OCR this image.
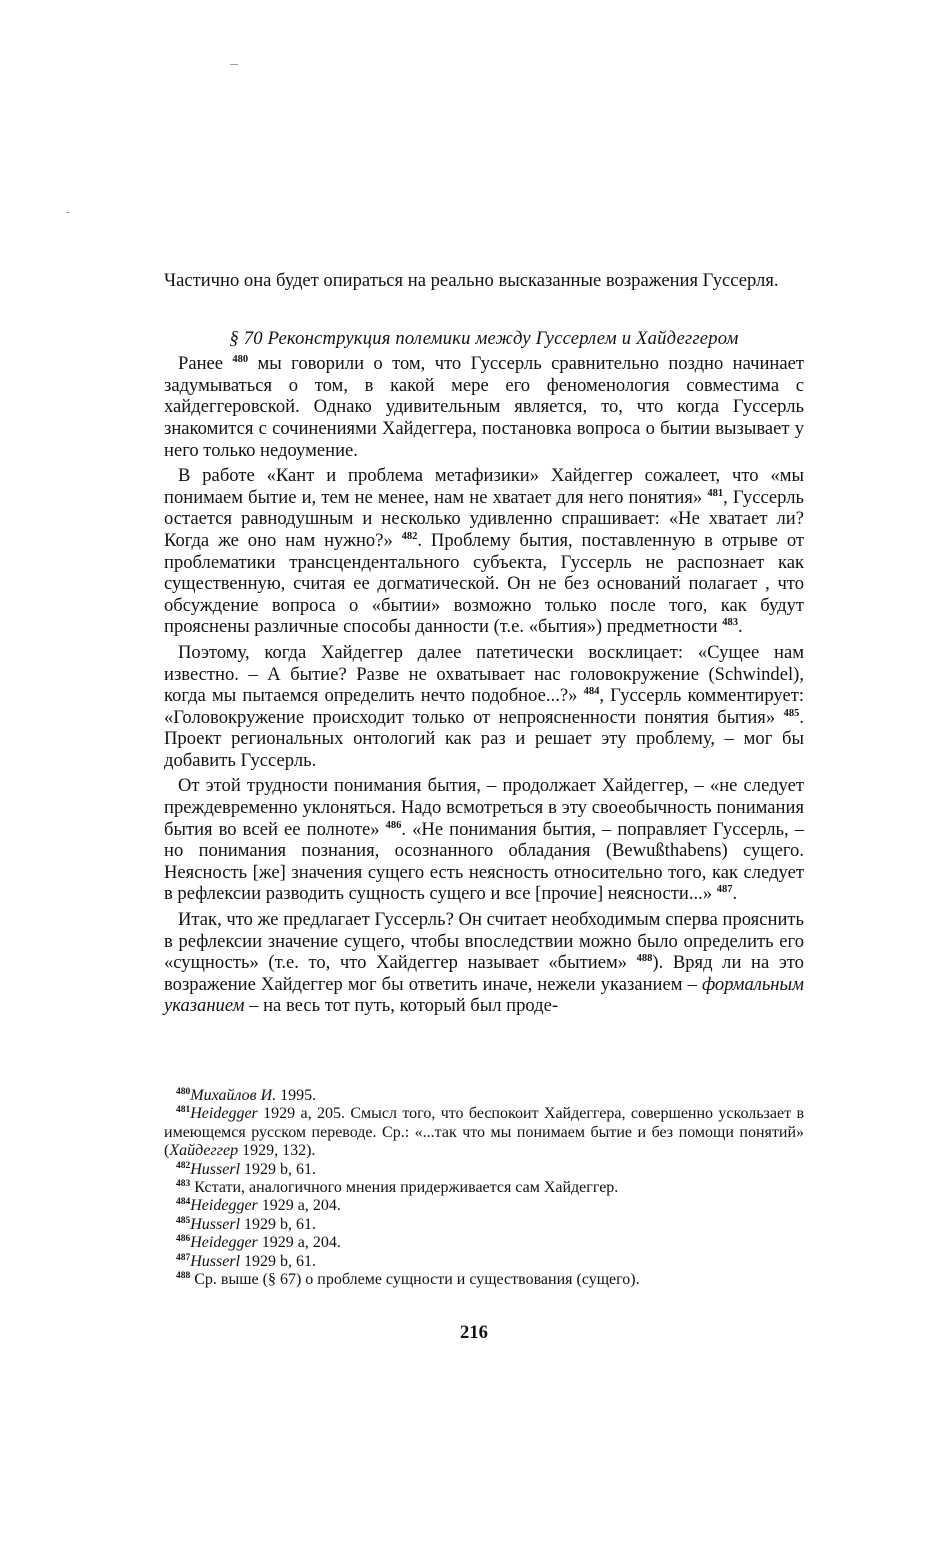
Частично она будет опираться на реально высказанные возражения Гуссерля.

§ 70 Реконструкция полемики между Гуссерлем и Хайдеггером

Ранее $^{480}$ мы говорили о том, что Гуссерль сравнительно поздно начинает задумываться о том, в какой мере его феноменология совместима с хайдеггеровской. Однако удивительным является, то, что когда Гуссерль знакомится с сочинениями Хайдеггера, постановка вопроса о бытии вызывает у него только недоумение.

В работе «Кант и проблема метафизики» Хайдеггер сожалеет, что «мы понимаем бытие и, тем не менее, нам не хватает для него понятия» $^{481}$, Гуссерль остается равнодушным и несколько удивленно спрашивает: «Не хватает ли? Когда же оно нам нужно?» $^{482}$. Проблему бытия, поставленную в отрыве от проблематики трансцендентального субъекта, Гуссерль не распознает как существенную, считая ее догматической. Он не без оснований полагает , что обсуждение вопроса о «бытии» возможно только после того, как будут прояснены различные способы данности (т.е. «бытия») предметности $^{483}$.

Поэтому, когда Хайдеггер далее патетически восклицает: «Сущее нам известно. – А бытие? Разве не охватывает нас головокружение (Schwindel), когда мы пытаемся определить нечто подобное...?» $^{484}$, Гуссерль комментирует: «Головокружение происходит только от непроясненности понятия бытия» $^{485}$. Проект региональных онтологий как раз и решает эту проблему, – мог бы добавить Гуссерль.

От этой трудности понимания бытия, – продолжает Хайдеггер, – «не следует преждевременно уклоняться. Надо всмотреться в эту своеобычность понимания бытия во всей ее полноте» $^{486}$. «Не понимания бытия, – поправляет Гуссерль, – но понимания познания, осознанного обладания (Bewußthabens) сущего. Неясность [же] значения сущего есть неясность относительно того, как следует в рефлексии разводить сущность сущего и все [прочие] неясности...» $^{487}$.

Итак, что же предлагает Гуссерль? Он считает необходимым сперва прояснить в рефлексии значение сущего, чтобы впоследствии можно было определить его «сущность» (т.е. то, что Хайдеггер называет «бытием» $^{488}$). Вряд ли на это возражение Хайдеггер мог бы ответить иначе, нежели указанием – формальным указанием – на весь тот путь, который был проде-

$^{480}$Михайлов И. 1995.

$^{481}$Heidegger 1929 a, 205. Смысл того, что беспокоит Хайдеггера, совершенно ускользает в имеющемся русском переводе. Ср.: «...так что мы понимаем бытие и без помощи понятий» (Хайдеггер 1929, 132).

$^{482}$Husserl 1929 b, 61.

$^{483}$ Кстати, аналогичного мнения придерживается сам Хайдеггер.

$^{484}$Heidegger 1929 a, 204.

$^{485}$Husserl 1929 b, 61.

$^{486}$Heidegger 1929 a, 204.

$^{487}$Husserl 1929 b, 61.

$^{488}$ Ср. выше (§ 67) о проблеме сущности и существования (сущего).

216
